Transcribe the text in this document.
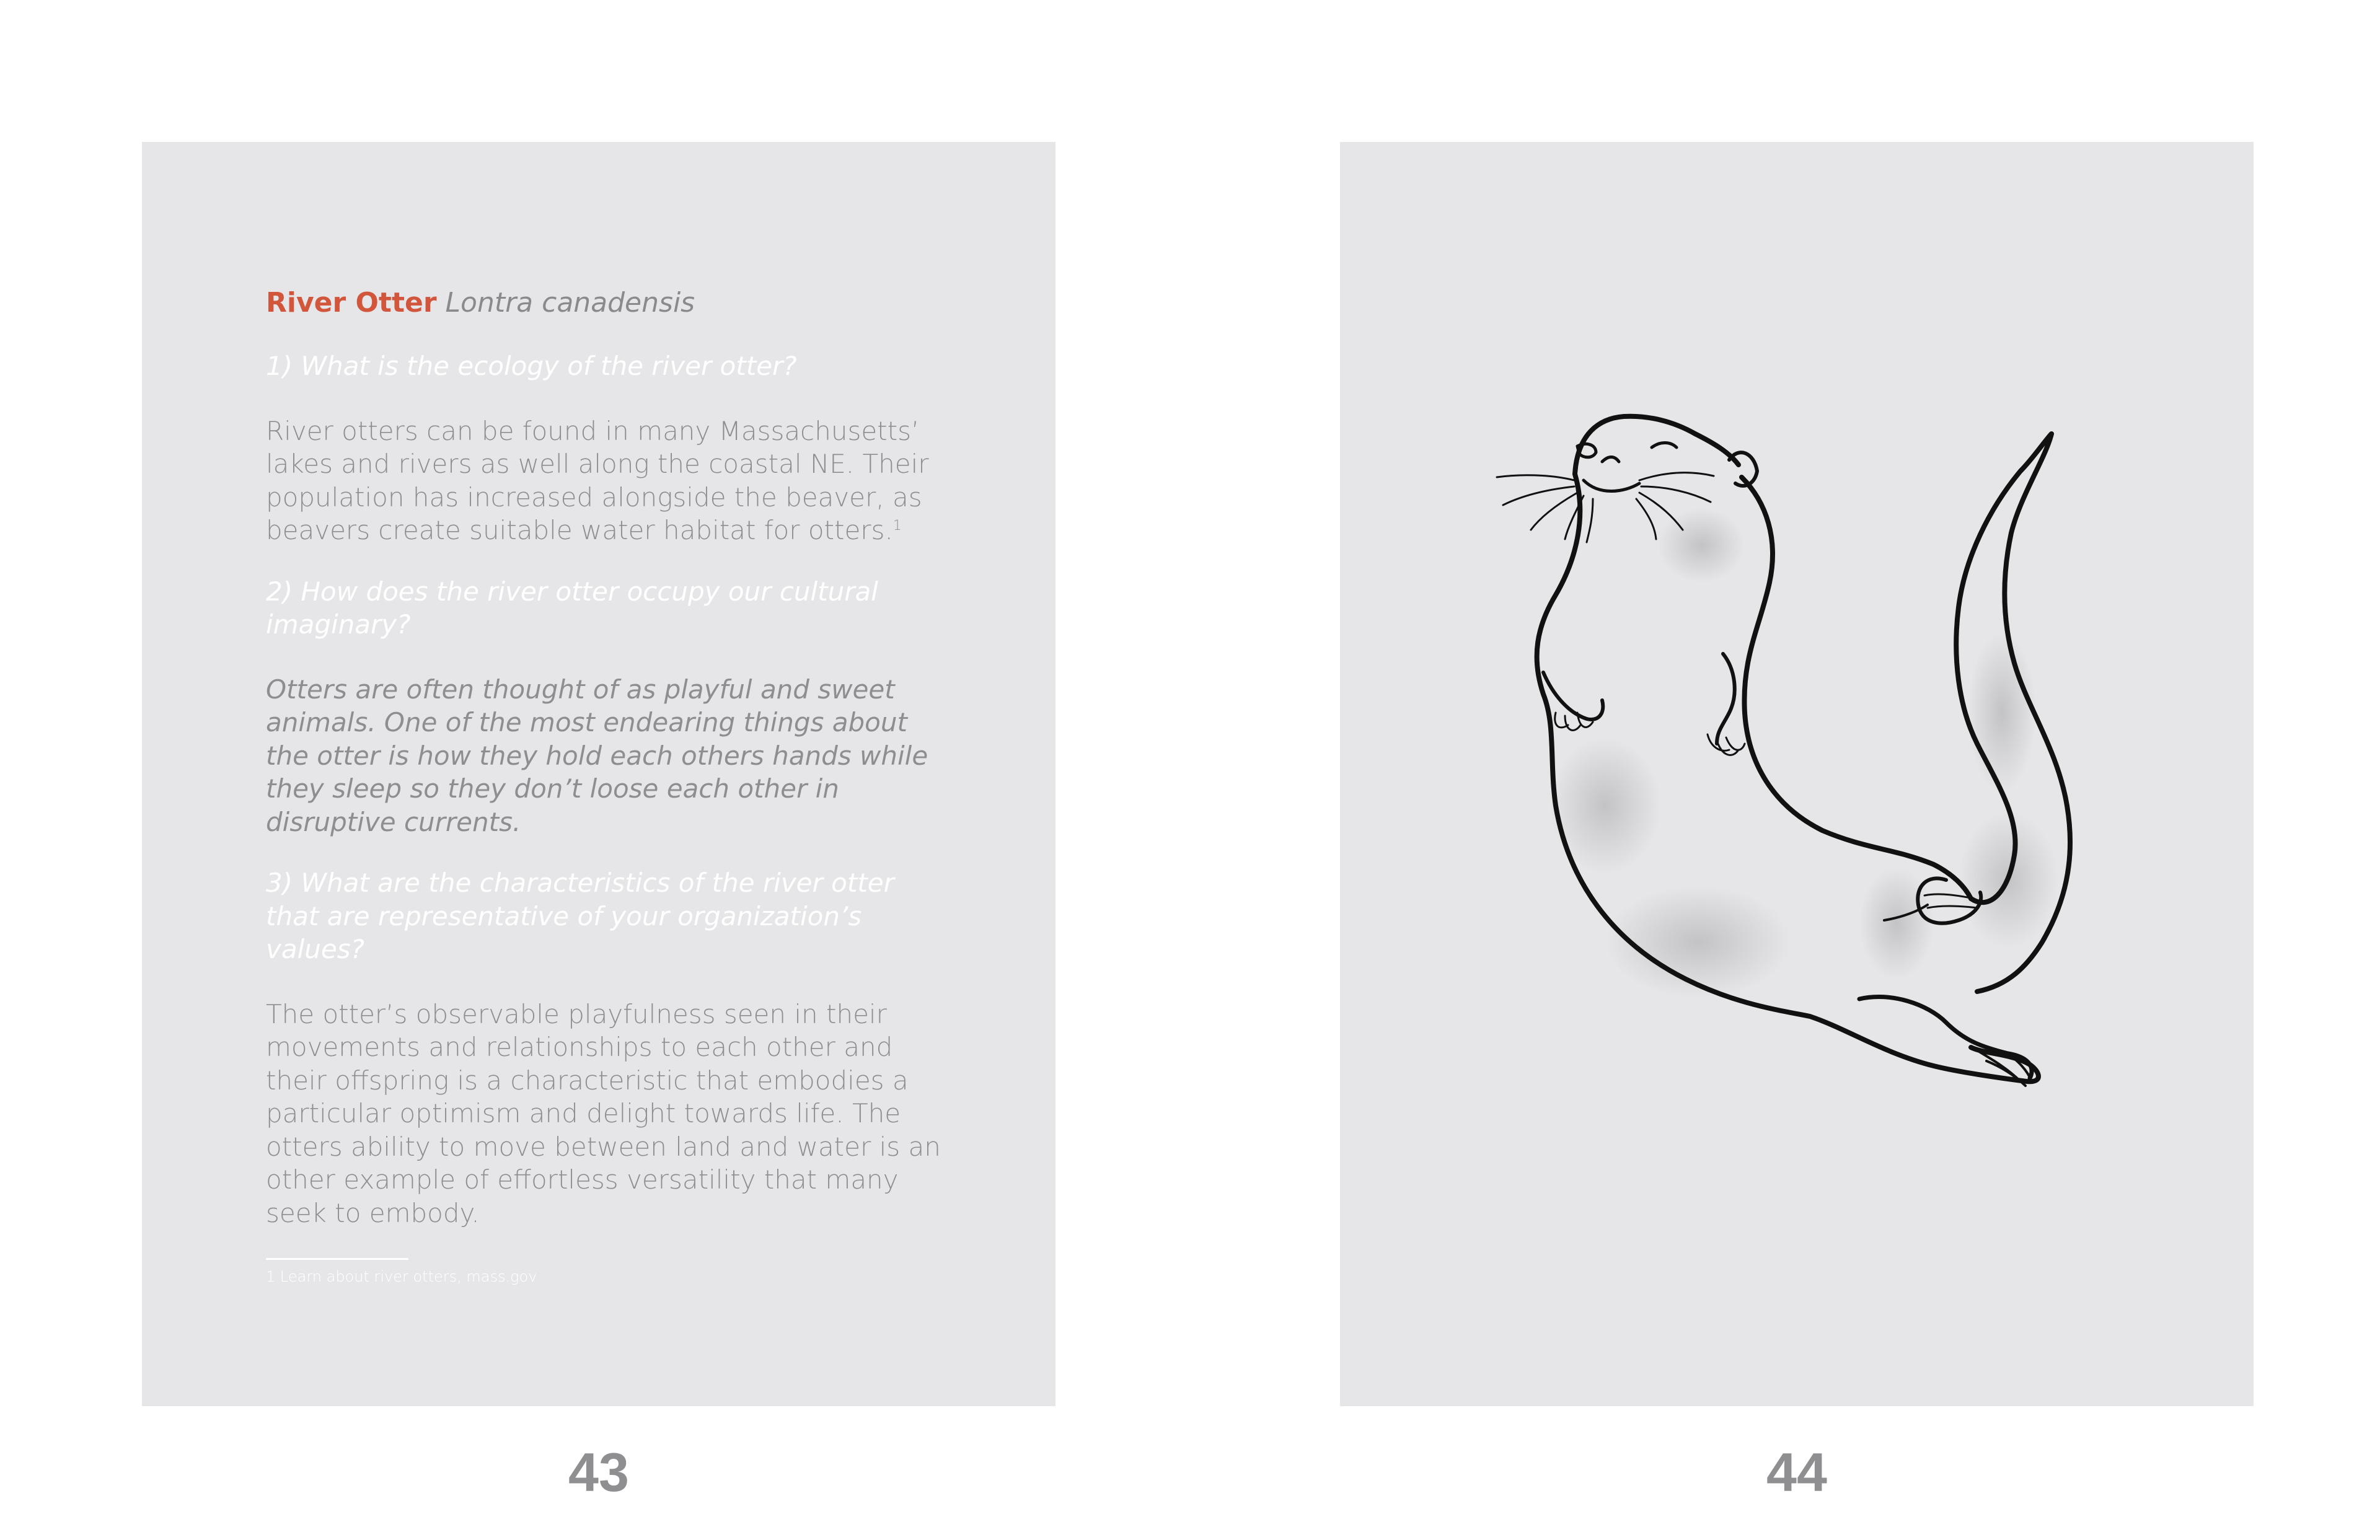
River Otter Lontra canadensis

1) What is the ecology of the river otter?
River otters can be found in many Massachusetts’ lakes and rivers as well along the coastal NE. Their population has increased alongside the beaver, as beavers create suitable water habitat for otters.$^1$
2) How does the river otter occupy our cultural imaginary?
Otters are often thought of as playful and sweet animals. One of the most endearing things about the otter is how they hold each others hands while they sleep so they don’t loose each other in disruptive currents.
3) What are the characteristics of the river otter that are representative of your organization’s values?
The otter’s observable playfulness seen in their movements and relationships to each other and their offspring is a characteristic that embodies a particular optimism and delight towards life. The otters ability to move between land and water is an other example of effortless versatility that many seek to embody.
1 Learn about river otters, mass.gov
43	44
